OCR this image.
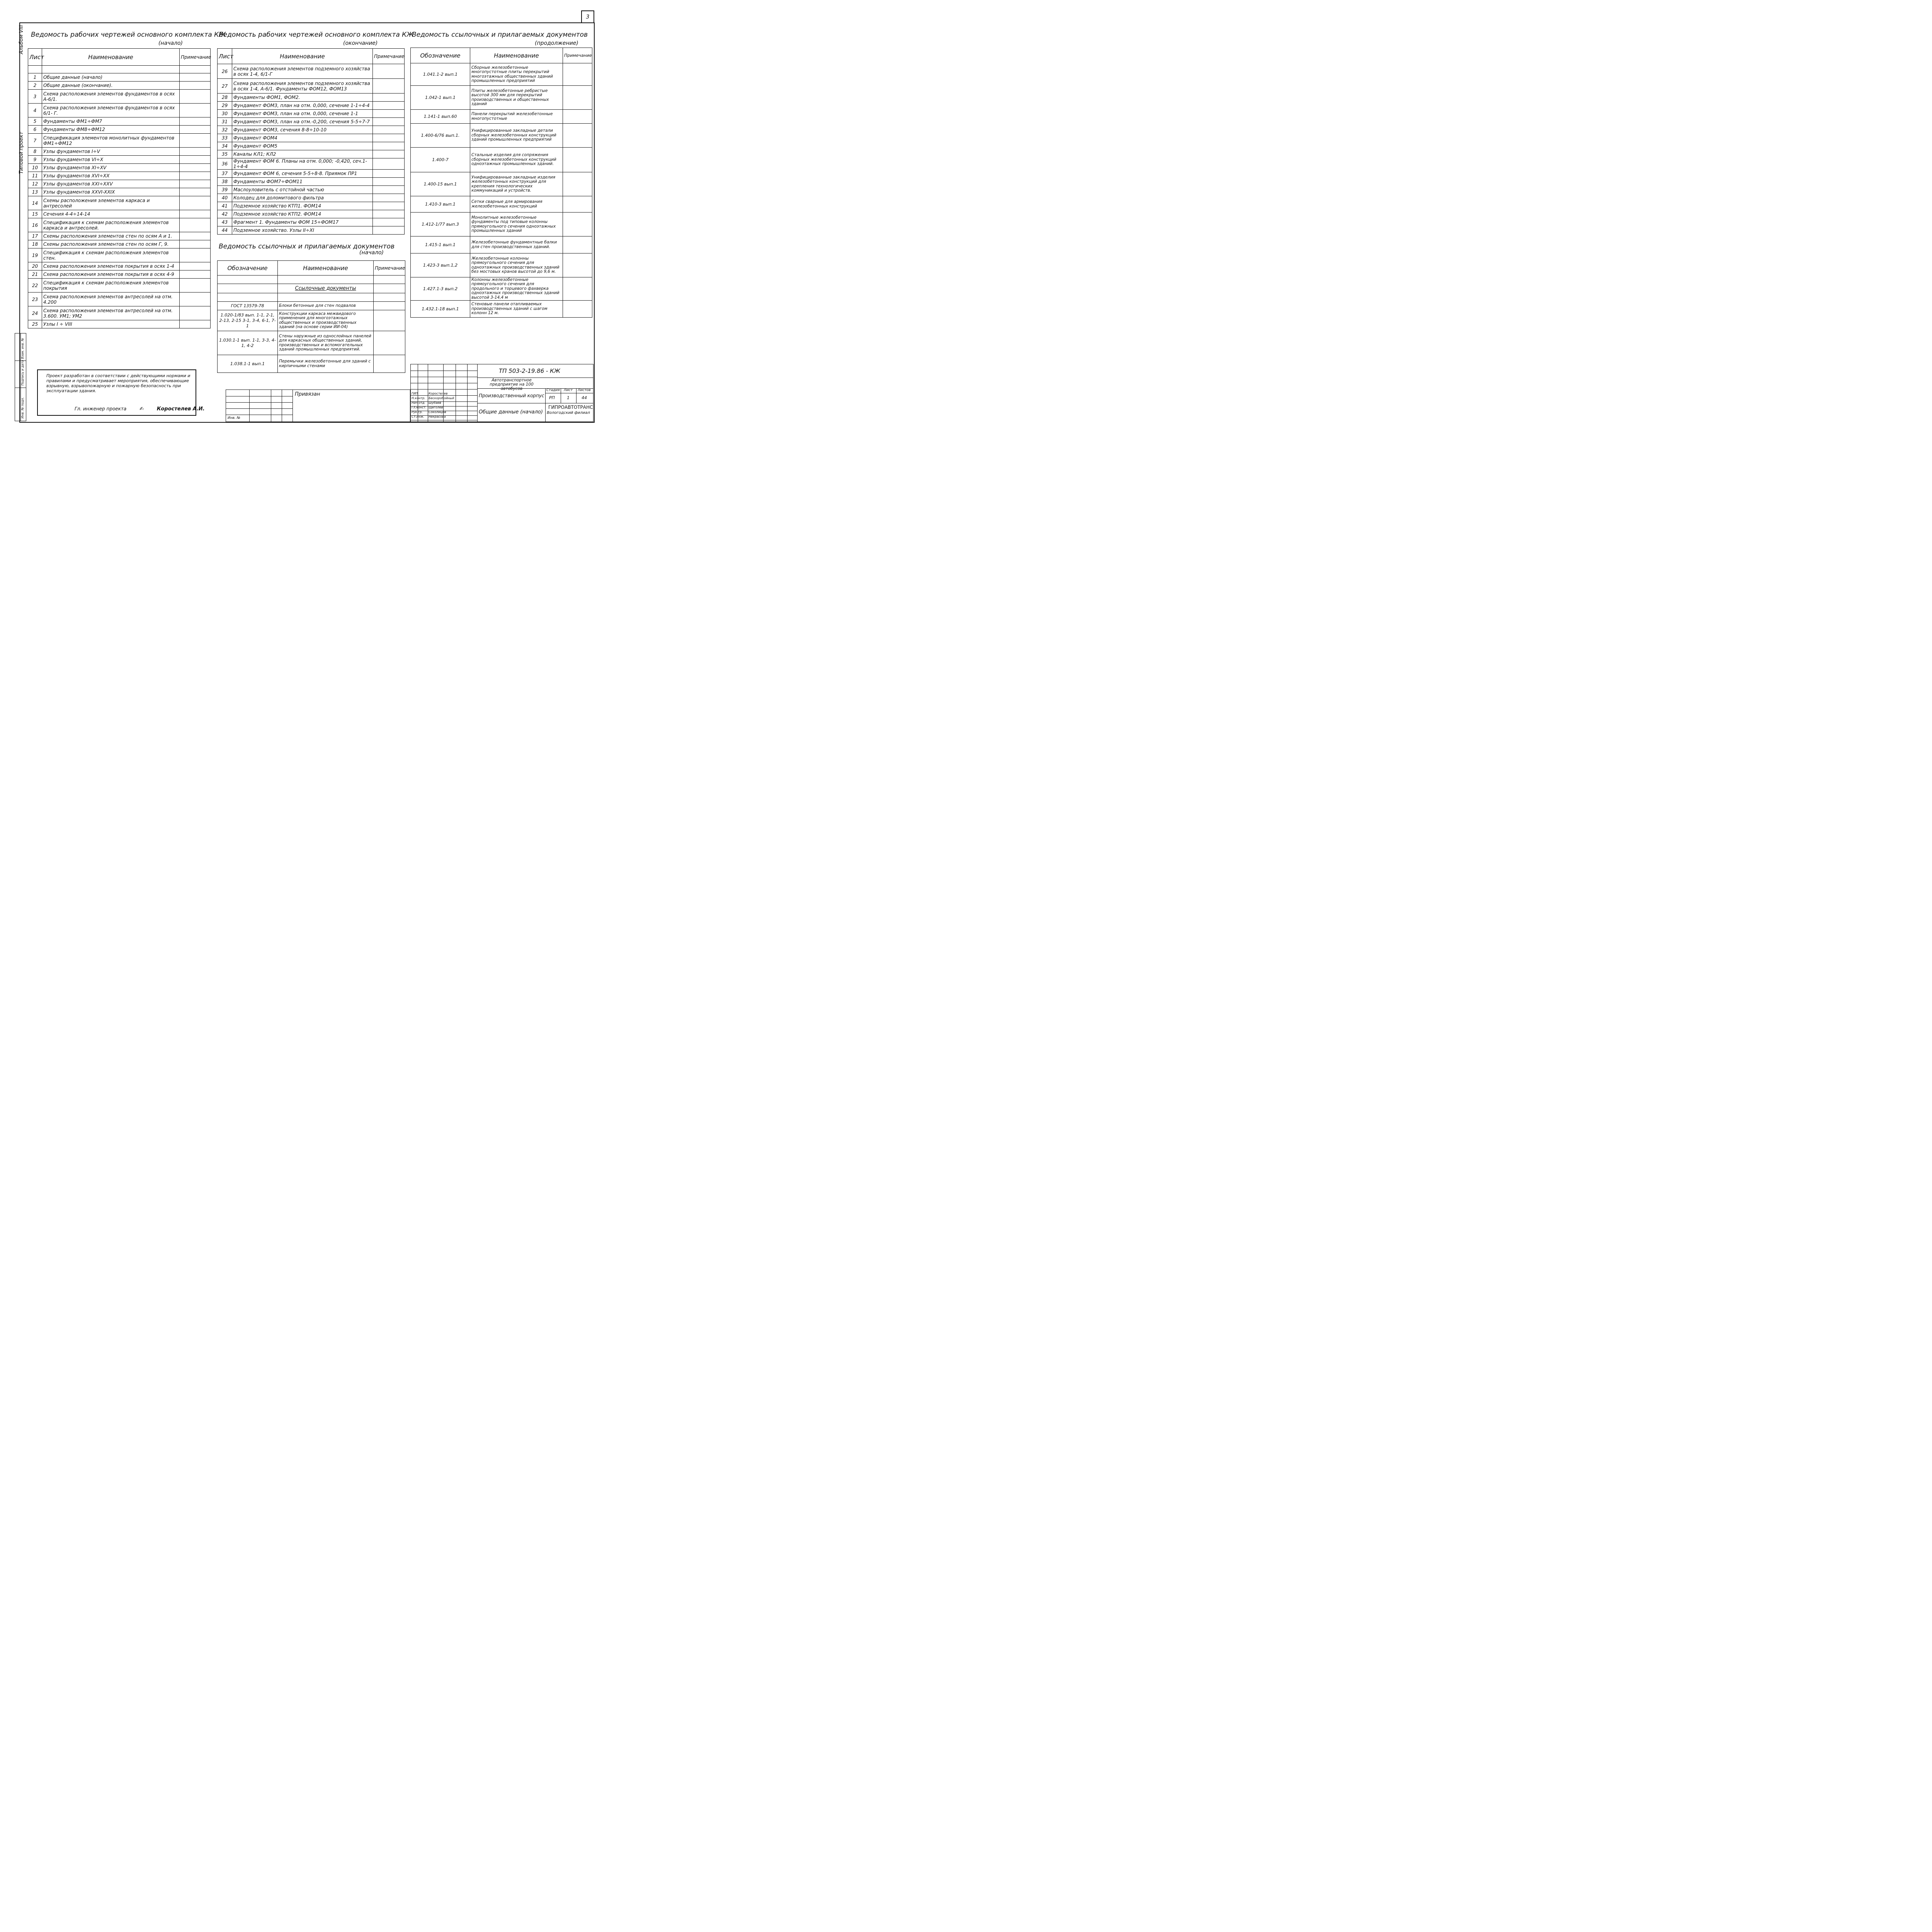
3
Альбом VIII
Типовой проект
Инв. № подл.
Подпись и дата
Взам. инв. №
Ведомость рабочих чертежей основного комплекта КЖ
(начало)
Лист	Наименование	Примечание

1	Общие данные (начало)	
2	Общие данные (окончание).	
3	Схема расположения элементов фундаментов в осях А-6/1.	
4	Схема расположения элементов фундаментов в осях 6/1- Г.	
5	Фундаменты ФМ1÷ФМ7	
6	Фундаменты ФМ8÷ФМ12	
7	Спецификация элементов монолитных фундаментов ФМ1÷ФМ12	
8	Узлы фундаментов I÷V	
9	Узлы фундаментов VI÷X	
10	Узлы фундаментов XI÷XV	
11	Узлы фундаментов XVI÷XX	
12	Узлы фундаментов XXI÷XXV	
13	Узлы фундаментов XXVI-XXIX	
14	Схемы расположения элементов каркаса и антресолей	
15	Сечения 4-4÷14-14	
16	Спецификация к схемам расположения элементов каркаса и антресолей.	
17	Схемы расположения элементов стен по осям А и 1.	
18	Схемы расположения элементов стен по осям Г, 9.	
19	Спецификация к схемам расположения элементов стен.	
20	Схема расположения элементов покрытия в осях 1-4	
21	Схема расположения элементов покрытия в осях 4-9	
22	Спецификация к схемам расположения элементов покрытия	
23	Схема расположения элементов антресолей на отм. 4.200	
24	Схема расположения элементов антресолей на отм. 3.600. УМ1; УМ2	
25	Узлы I ÷ VIII	
Ведомость рабочих чертежей основного комплекта КЖ
(окончание)
Лист	Наименование	Примечание
26	Схема расположения элементов подземного хозяйства в осях 1-4, 6/1-Г	
27	Схема расположения элементов подземного хозяйства в осях 1-4, А-6/1. Фундаменты ФОМ12, ФОМ13	
28	Фундаменты ФОМ1, ФОМ2.	
29	Фундамент ФОМ3, план на отм. 0,000, сечение 1-1÷4-4	
30	Фундамент ФОМ3, план на отм. 0,000, сечение 1-1	
31	Фундамент ФОМ3, план на отм.-0,200, сечения 5-5÷7-7	
32	Фундамент ФОМ3, сечения 8-8÷10-10	
33	Фундамент ФОМ4	
34	Фундамент ФОМ5	
35	Каналы КЛ1; КЛ2	
36	Фундамент ФОМ 6. Планы на отм. 0,000; -0,420, сеч.1-1÷4-4	
37	Фундамент ФОМ 6, сечения 5-5÷8-8. Приямок ПР1	
38	Фундаменты ФОМ7÷ФОМ11	
39	Маслоуловитель с отстойной частью	
40	Колодец для доломитового фильтра	
41	Подземное хозяйство КТП1. ФОМ14	
42	Подземное хозяйство КТП2. ФОМ14	
43	Фрагмент 1. Фундаменты ФОМ 15÷ФОМ17	
44	Подземное хозяйство. Узлы II÷XI	
Ведомость ссылочных и прилагаемых документов
(начало)
Обозначение	Наименование	Примечание

	Ссылочные документы	

ГОСТ 13579-78	Блоки бетонные для стен подвалов	
1.020-1/83 вып. 1-1, 2-1, 2-13, 2-15 3-1, 3-4, 6-1, 7-1	Конструкции каркаса межвидового применения для многоэтажных общественных и производственных зданий (на основе серии ИИ-04)	
1.030.1-1 вып. 1-1, 3-3, 4-1, 4-2	Стены наружные из однослойных панелей для каркасных общественных зданий, производственных и вспомогательных зданий промышленных предприятий.	
1.038.1-1 вып.1	Перемычки железобетонные для зданий с кирпичными стенами	
Ведомость ссылочных и прилагаемых документов
(продолжение)
Обозначение	Наименование	Примечание
1.041.1-2 вып.1	Сборные железобетонные многопустотные плиты перекрытий многоэтажных общественных зданий промышленных предприятий	
1.042-1 вып.1	Плиты железобетонные ребристые высотой 300 мм для перекрытий производственных и общественных зданий	
1.141-1 вып.60	Панели перекрытий железобетонные многопустотные	
1.400-6/76 вып.1.	Унифицированные закладные детали сборных железобетонных конструкций зданий промышленных предприятий	
1.400-7	Стальные изделия для сопряжения сборных железобетонных конструкций одноэтажных промышленных зданий.	
1.400-15 вып.1	Унифицированные закладные изделия железобетонных конструкций для крепления технологических коммуникаций и устройств.	
1.410-3 вып.1	Сетки сварные для армирования железобетонных конструкций	
1.412-1/77 вып.3	Монолитные железобетонные фундаменты под типовые колонны прямоугольного сечения одноэтажных промышленных зданий	
1.415-1 вып.1	Железобетонные фундаментные балки для стен производственных зданий.	
1.423-3 вып.1,2	Железобетонные колонны прямоугольного сечения для одноэтажных производственных зданий без мостовых кранов высотой до 9,6 м.	
1.427.1-3 вып.2	Колонны железобетонные прямоугольного сечения для продольного и торцевого фахверка одноэтажных производственных зданий высотой 3-14,4 м	
1.432.1-18 вып.1	Стеновые панели отапливаемых производственных зданий с шагом колонн 12 м.	

Проект разработан в соответствии с действующими нормами и правилами и предусматривает мероприятия, обеспечивающие взрывную, взрывопожарную и пожарную безопасность при эксплуатации здания.

Гл. инженер проекта	✍	Коростелев А.И.
Привязан
Инв. №
ГИП	Коростелев
Н.контр. Бескоробойный
Нач.отд. Шубаев
Гл.конст. Щеголев
Рук.гр. Соколицов
Ст.инж. Некрасова
ТП 503-2-19.86 - КЖ
Автотранспортное предприятие на 100 автобусов
Производственный корпус
Общие данные (начало)
Стадия Лист Листов
РП	1	44
ГИПРОАВТОТРАНС
Вологодский филиал
